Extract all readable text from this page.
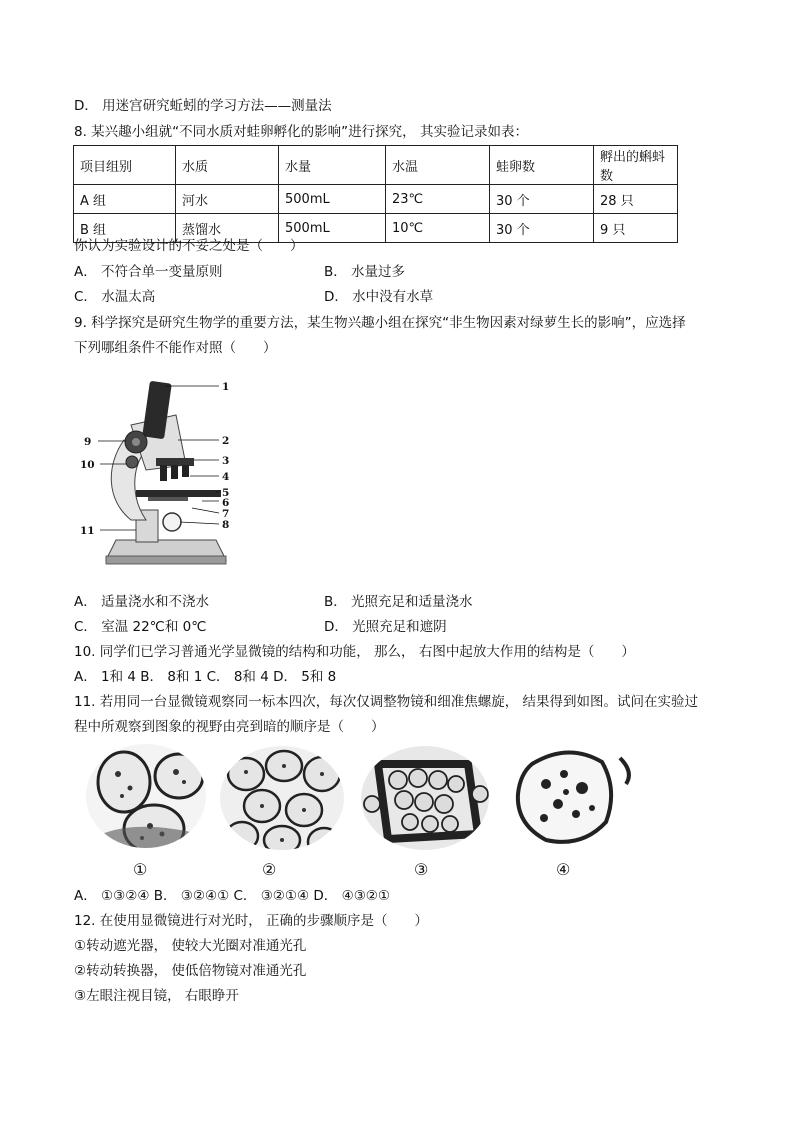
D． 用迷宫研究蚯蚓的学习方法——测量法
8. 某兴趣小组就“不同水质对蛙卵孵化的影响”进行探究， 其实验记录如表：
项目组别	水质	水量	水温	蛙卵数	孵出的蝌蚪数
A 组	河水	500mL	23℃	30 个	28 只
B 组	蒸馏水	500mL	10℃	30 个	9 只
你认为实验设计的不妥之处是（　　）
A． 不符合单一变量原则	B． 水量过多
C． 水温太高	D． 水中没有水草
9. 科学探究是研究生物学的重要方法，某生物兴趣小组在探究“非生物因素对绿萝生长的影响”，应选择
下列哪组条件不能作对照（　　）
1
2
3
4
5
6
7
8
9
10
11
A． 适量浇水和不浇水	B． 光照充足和适量浇水
C． 室温 22℃和 0℃	D． 光照充足和遮阴
10. 同学们已学习普通光学显微镜的结构和功能， 那么， 右图中起放大作用的结构是（　　）
A． 1和 4 B． 8和 1 C． 8和 4 D． 5和 8
11. 若用同一台显微镜观察同一标本四次，每次仅调整物镜和细准焦螺旋， 结果得到如图。试问在实验过
程中所观察到图象的视野由亮到暗的顺序是（　　）
①	②	③	④
A． ①③②④ B． ③②④① C． ③②①④ D． ④③②①
12. 在使用显微镜进行对光时， 正确的步骤顺序是（　　）
①转动遮光器， 使较大光圈对准通光孔
②转动转换器， 使低倍物镜对准通光孔
③左眼注视目镜， 右眼睁开
